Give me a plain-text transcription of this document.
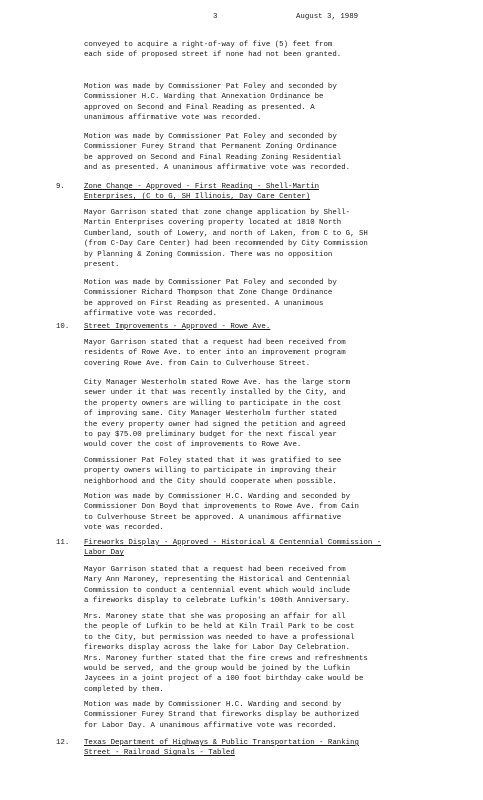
3	August 3, 1989
conveyed to acquire a right-of-way of five (5) feet from
each side of proposed street if none had not been granted.
Motion was made by Commissioner Pat Foley and seconded by
Commissioner H.C. Warding that Annexation Ordinance be
approved on Second and Final Reading as presented. A
unanimous affirmative vote was recorded.
Motion was made by Commissioner Pat Foley and seconded by
Commissioner Furey Strand that Permanent Zoning Ordinance
be approved on Second and Final Reading Zoning Residential
and as presented. A unanimous affirmative vote was recorded.
9.	Zone Change - Approved - First Reading - Shell-Martin
Enterprises, (C to G, SH Illinois, Day Care Center)
Mayor Garrison stated that zone change application by Shell-
Martin Enterprises covering property located at 1810 North
Cumberland, south of Lowery, and north of Laken, from C to G, SH
(from C-Day Care Center) had been recommended by City Commission
by Planning & Zoning Commission. There was no opposition
present.
Motion was made by Commissioner Pat Foley and seconded by
Commissioner Richard Thompson that Zone Change Ordinance
be approved on First Reading as presented. A unanimous
affirmative vote was recorded.
10. Street Improvements - Approved - Rowe Ave.
Mayor Garrison stated that a request had been received from
residents of Rowe Ave. to enter into an improvement program
covering Rowe Ave. from Cain to Culverhouse Street.
City Manager Westerholm stated Rowe Ave. has the large storm
sewer under it that was recently installed by the City, and
the property owners are willing to participate in the cost
of improving same. City Manager Westerholm further stated
the every property owner had signed the petition and agreed
to pay $75.00 preliminary budget for the next fiscal year
would cover the cost of improvements to Rowe Ave.
Commissioner Pat Foley stated that it was gratified to see
property owners willing to participate in improving their
neighborhood and the City should cooperate when possible.
Motion was made by Commissioner H.C. Warding and seconded by
Commissioner Don Boyd that improvements to Rowe Ave. from Cain
to Culverhouse Street be approved. A unanimous affirmative
vote was recorded.
11. Fireworks Display - Approved - Historical & Centennial Commission -
Labor Day
Mayor Garrison stated that a request had been received from
Mary Ann Maroney, representing the Historical and Centennial
Commission to conduct a centennial event which would include
a fireworks display to celebrate Lufkin's 100th Anniversary.
Mrs. Maroney state that she was proposing an affair for all
the people of Lufkin to be held at Kiln Trail Park to be cost
to the City, but permission was needed to have a professional
fireworks display across the lake for Labor Day Celebration.
Mrs. Maroney further stated that the fire crews and refreshments
would be served, and the group would be joined by the Lufkin
Jaycees in a joint project of a 100 foot birthday cake would be
completed by them.
Motion was made by Commissioner H.C. Warding and second by
Commissioner Furey Strand that fireworks display be authorized
for Labor Day. A unanimous affirmative vote was recorded.
12. Texas Department of Highways & Public Transportation - Ranking
Street - Railroad Signals - Tabled
